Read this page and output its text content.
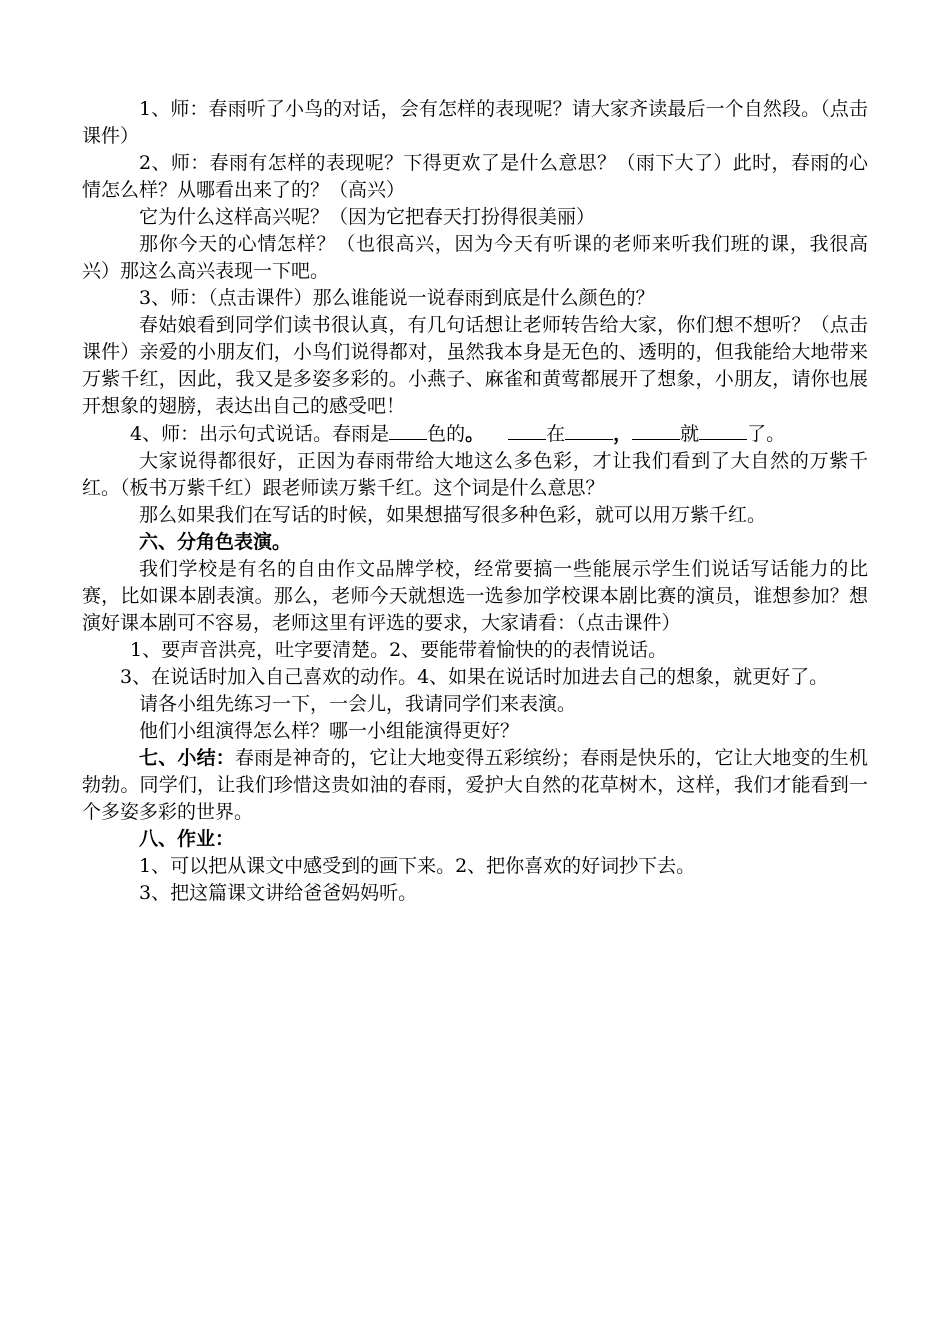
1、师：春雨听了小鸟的对话，会有怎样的表现呢？请大家齐读最后一个自然段。（点击课件）

2、师：春雨有怎样的表现呢？下得更欢了是什么意思？（雨下大了）此时，春雨的心情怎么样？从哪看出来了的？（高兴）

它为什么这样高兴呢？（因为它把春天打扮得很美丽）

那你今天的心情怎样？（也很高兴，因为今天有听课的老师来听我们班的课，我很高兴）那这么高兴表现一下吧。

3、师：（点击课件）那么谁能说一说春雨到底是什么颜色的？

春姑娘看到同学们读书很认真，有几句话想让老师转告给大家，你们想不想听？（点击课件）亲爱的小朋友们，小鸟们说得都对，虽然我本身是无色的、透明的，但我能给大地带来万紫千红，因此，我又是多姿多彩的。小燕子、麻雀和黄莺都展开了想象，小朋友，请你也展开想象的翅膀，表达出自己的感受吧！

4、师：出示句式说话。春雨是 色的。	在	，	就	了。

大家说得都很好，正因为春雨带给大地这么多色彩，才让我们看到了大自然的万紫千红。（板书万紫千红）跟老师读万紫千红。这个词是什么意思？

那么如果我们在写话的时候，如果想描写很多种色彩，就可以用万紫千红。

六、分角色表演。

我们学校是有名的自由作文品牌学校，经常要搞一些能展示学生们说话写话能力的比赛，比如课本剧表演。那么，老师今天就想选一选参加学校课本剧比赛的演员，谁想参加？想演好课本剧可不容易，老师这里有评选的要求，大家请看：（点击课件）

1、要声音洪亮，吐字要清楚。2、要能带着愉快的的表情说话。

3、在说话时加入自己喜欢的动作。4、如果在说话时加进去自己的想象，就更好了。

请各小组先练习一下，一会儿，我请同学们来表演。

他们小组演得怎么样？哪一小组能演得更好？

七、小结：春雨是神奇的，它让大地变得五彩缤纷；春雨是快乐的，它让大地变的生机勃勃。同学们，让我们珍惜这贵如油的春雨，爱护大自然的花草树木，这样，我们才能看到一个多姿多彩的世界。

八、作业：

1、可以把从课文中感受到的画下来。2、把你喜欢的好词抄下去。

3、把这篇课文讲给爸爸妈妈听。
